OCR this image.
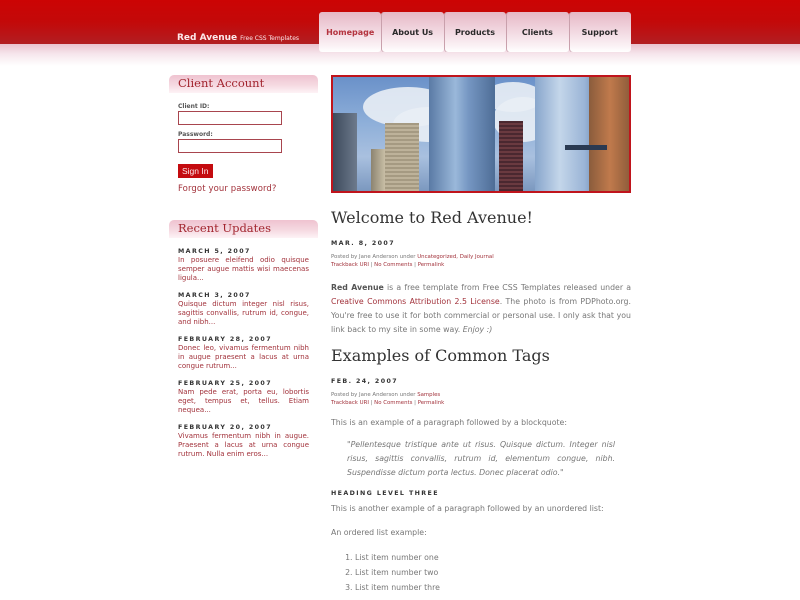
Red Avenue Free CSS Templates
Homepage	About Us	Products	Clients	Support
Client Account
Client ID:
Password:
Sign In
Forgot your password?
Recent Updates
MARCH 5, 2007
In posuere eleifend odio quisque semper augue mattis wisi maecenas ligula...
MARCH 3, 2007
Quisque dictum integer nisl risus, sagittis convallis, rutrum id, congue, and nibh...
FEBRUARY 28, 2007
Donec leo, vivamus fermentum nibh in augue praesent a lacus at urna congue rutrum...
FEBRUARY 25, 2007
Nam pede erat, porta eu, lobortis eget, tempus et, tellus. Etiam nequea...
FEBRUARY 20, 2007
Vivamus fermentum nibh in augue. Praesent a lacus at urna congue rutrum. Nulla enim eros...
Welcome to Red Avenue!
MAR. 8, 2007
Posted by Jane Anderson under Uncategorized, Daily Journal
Trackback URI | No Comments | Permalink

Red Avenue is a free template from Free CSS Templates released under a Creative Commons Attribution 2.5 License. The photo is from PDPhoto.org. You're free to use it for both commercial or personal use. I only ask that you link back to my site in some way. Enjoy :)

Examples of Common Tags
FEB. 24, 2007
Posted by Jane Anderson under Samples
Trackback URI | No Comments | Permalink

This is an example of a paragraph followed by a blockquote:

"Pellentesque tristique ante ut risus. Quisque dictum. Integer nisl risus, sagittis convallis, rutrum id, elementum congue, nibh. Suspendisse dictum porta lectus. Donec placerat odio."
HEADING LEVEL THREE

This is another example of a paragraph followed by an unordered list:

An ordered list example:

1. List item number one
2. List item number two
3. List item number thre
